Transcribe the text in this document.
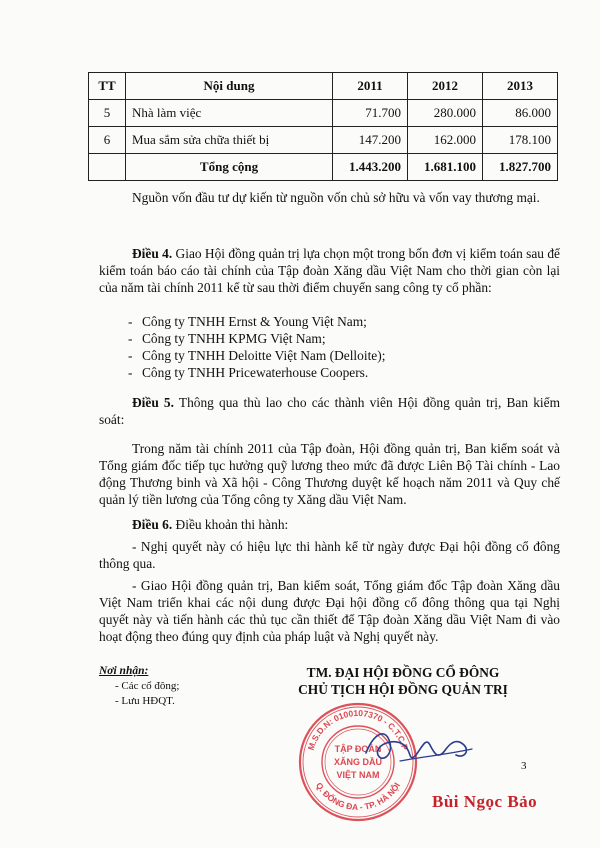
TT	Nội dung	2011	2012	2013
5	Nhà làm việc	71.700	280.000	86.000
6	Mua sắm sửa chữa thiết bị	147.200	162.000	178.100
	Tổng cộng	1.443.200	1.681.100	1.827.700

Nguồn vốn đầu tư dự kiến từ nguồn vốn chủ sở hữu và vốn vay thương mại.

Điều 4. Giao Hội đồng quản trị lựa chọn một trong bốn đơn vị kiểm toán sau để kiểm toán báo cáo tài chính của Tập đoàn Xăng dầu Việt Nam cho thời gian còn lại của năm tài chính 2011 kể từ sau thời điểm chuyển sang công ty cổ phần:

- Công ty TNHH Ernst & Young Việt Nam;
- Công ty TNHH KPMG Việt Nam;
- Công ty TNHH Deloitte Việt Nam (Delloite);
- Công ty TNHH Pricewaterhouse Coopers.

Điều 5. Thông qua thù lao cho các thành viên Hội đồng quản trị, Ban kiểm soát:

Trong năm tài chính 2011 của Tập đoàn, Hội đồng quản trị, Ban kiểm soát và Tổng giám đốc tiếp tục hưởng quỹ lương theo mức đã được Liên Bộ Tài chính - Lao động Thương binh và Xã hội - Công Thương duyệt kế hoạch năm 2011 và Quy chế quản lý tiền lương của Tổng công ty Xăng dầu Việt Nam.

Điều 6. Điều khoản thi hành:

- Nghị quyết này có hiệu lực thi hành kể từ ngày được Đại hội đồng cổ đông thông qua.

- Giao Hội đồng quản trị, Ban kiểm soát, Tổng giám đốc Tập đoàn Xăng dầu Việt Nam triển khai các nội dung được Đại hội đồng cổ đông thông qua tại Nghị quyết này và tiến hành các thủ tục cần thiết để Tập đoàn Xăng dầu Việt Nam đi vào hoạt động theo đúng quy định của pháp luật và Nghị quyết này.

Nơi nhận:
- Các cổ đông;
- Lưu HĐQT.
TM. ĐẠI HỘI ĐỒNG CỔ ĐÔNG
CHỦ TỊCH HỘI ĐỒNG QUẢN TRỊ
M.S.D.N: 0100107370 - C.T.C.P
Q. ĐỐNG ĐA - TP. HÀ NỘI
TẬP ĐOÀN
XĂNG DẦU
VIỆT NAM
3
Bùi Ngọc Bảo
